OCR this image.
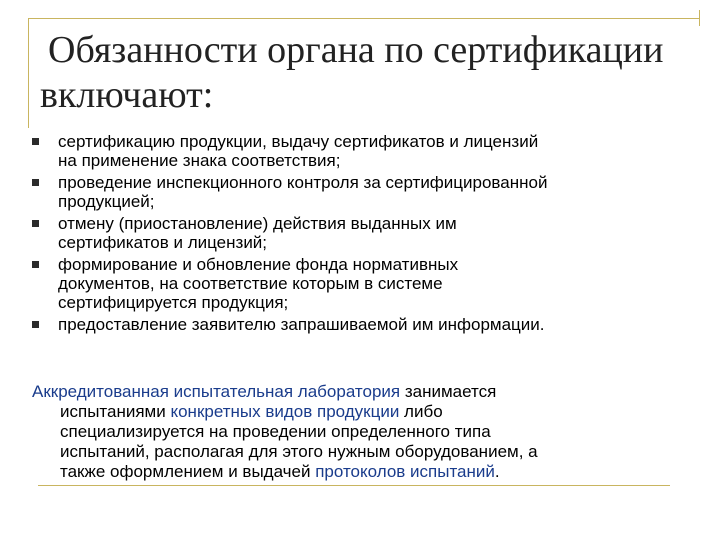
Обязанности органа по сертификации
включают:
сертификацию продукции, выдачу сертификатов и лицензий
на применение знака соответствия;
проведение инспекционного контроля за сертифицированной
продукцией;
отмену (приостановление) действия выданных им
сертификатов и лицензий;
формирование и обновление фонда нормативных
документов, на соответствие которым в системе
сертифицируется продукция;
предоставление заявителю запрашиваемой им информации.
Аккредитованная испытательная лаборатория занимается
испытаниями конкретных видов продукции либо
специализируется на проведении определенного типа
испытаний, располагая для этого нужным оборудованием, а
также оформлением и выдачей протоколов испытаний.
